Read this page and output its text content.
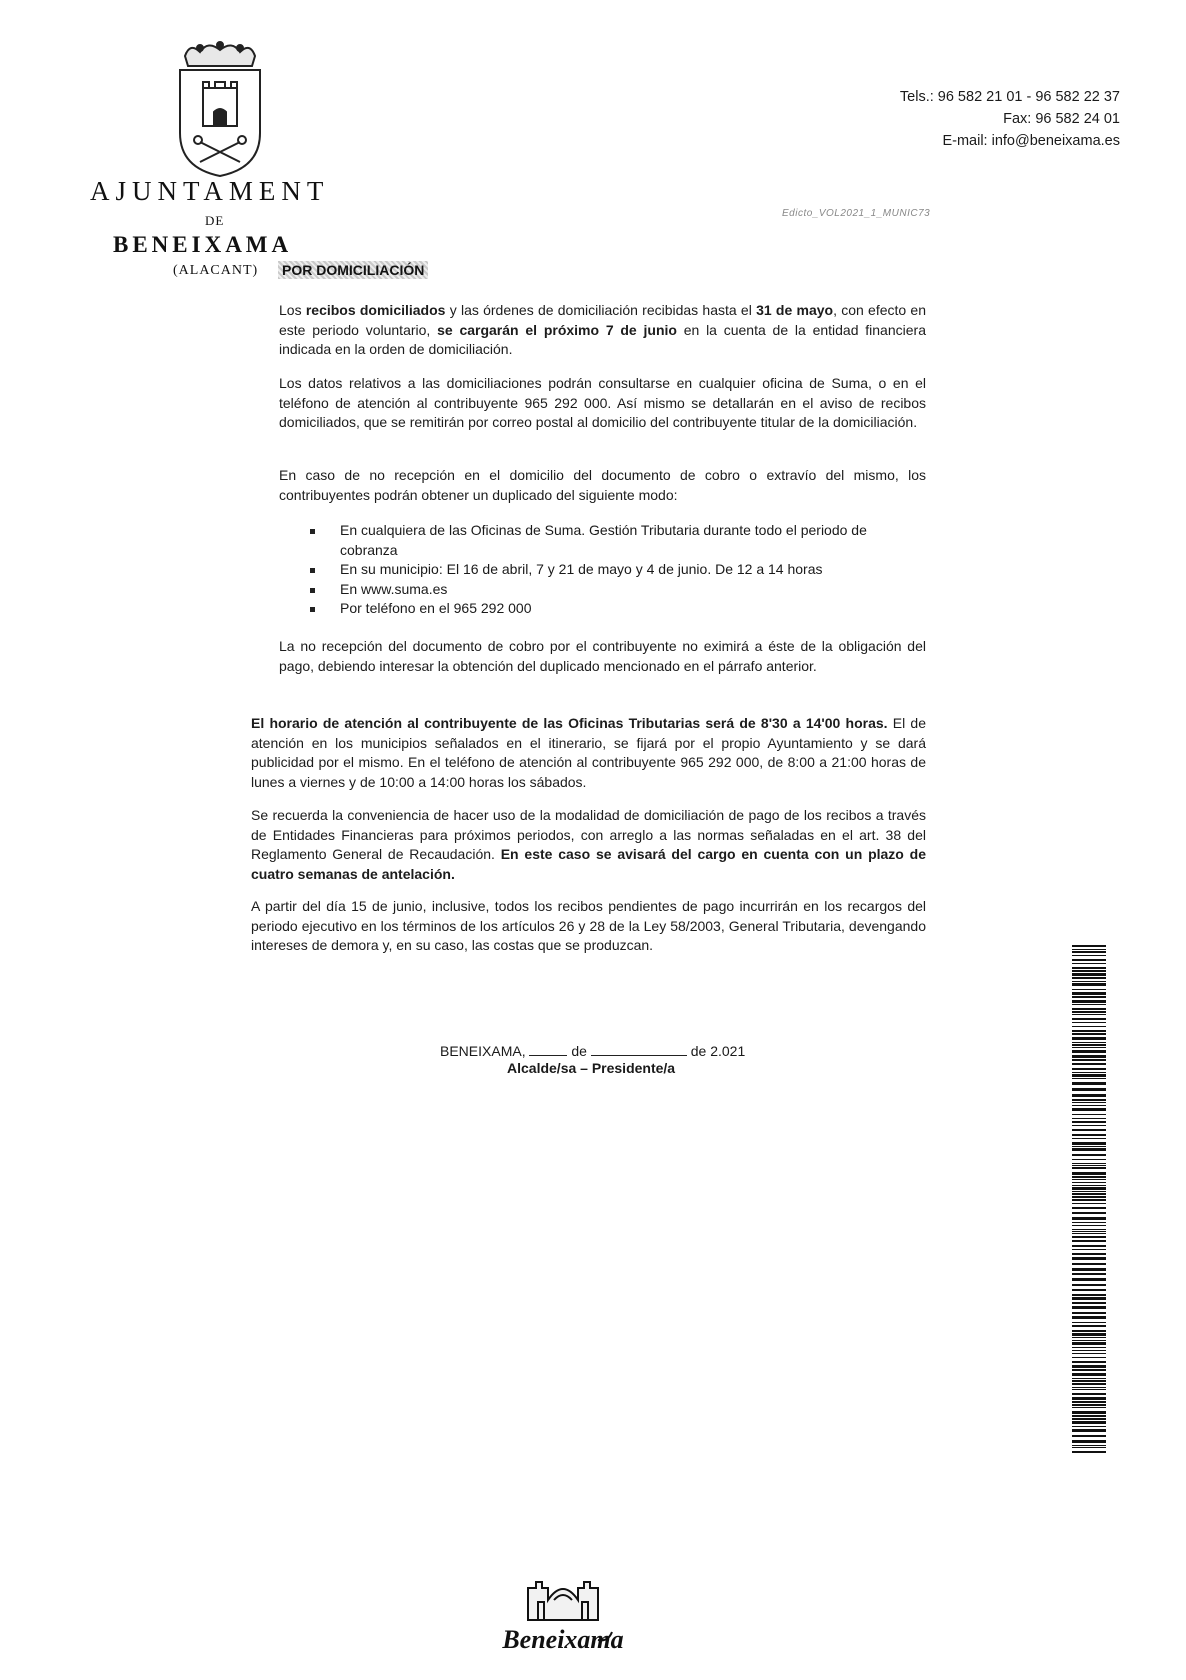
AJUNTAMENT
DE
BENEIXAMA
(ALACANT) POR DOMICILIACIÓN
Tels.: 96 582 21 01 - 96 582 22 37
Fax: 96 582 24 01
E-mail: info@beneixama.es
Edicto_VOL2021_1_MUNIC73
Los recibos domiciliados y las órdenes de domiciliación recibidas hasta el 31 de mayo, con efecto en este periodo voluntario, se cargarán el próximo 7 de junio en la cuenta de la entidad financiera indicada en la orden de domiciliación.
Los datos relativos a las domiciliaciones podrán consultarse en cualquier oficina de Suma, o en el teléfono de atención al contribuyente 965 292 000. Así mismo se detallarán en el aviso de recibos domiciliados, que se remitirán por correo postal al domicilio del contribuyente titular de la domiciliación.
En caso de no recepción en el domicilio del documento de cobro o extravío del mismo, los contribuyentes podrán obtener un duplicado del siguiente modo:
En cualquiera de las Oficinas de Suma. Gestión Tributaria durante todo el periodo de cobranza
En su municipio: El 16 de abril, 7 y 21 de mayo y 4 de junio. De 12 a 14 horas
En www.suma.es
Por teléfono en el 965 292 000
La no recepción del documento de cobro por el contribuyente no eximirá a éste de la obligación del pago, debiendo interesar la obtención del duplicado mencionado en el párrafo anterior.
El horario de atención al contribuyente de las Oficinas Tributarias será de 8'30 a 14'00 horas. El de atención en los municipios señalados en el itinerario, se fijará por el propio Ayuntamiento y se dará publicidad por el mismo. En el teléfono de atención al contribuyente 965 292 000, de 8:00 a 21:00 horas de lunes a viernes y de 10:00 a 14:00 horas los sábados.
Se recuerda la conveniencia de hacer uso de la modalidad de domiciliación de pago de los recibos a través de Entidades Financieras para próximos periodos, con arreglo a las normas señaladas en el art. 38 del Reglamento General de Recaudación. En este caso se avisará del cargo en cuenta con un plazo de cuatro semanas de antelación.
A partir del día 15 de junio, inclusive, todos los recibos pendientes de pago incurrirán en los recargos del periodo ejecutivo en los términos de los artículos 26 y 28 de la Ley 58/2003, General Tributaria, devengando intereses de demora y, en su caso, las costas que se produzcan.
BENEIXAMA,	de	de 2.021
Alcalde/sa – Presidente/a
Beneixama
